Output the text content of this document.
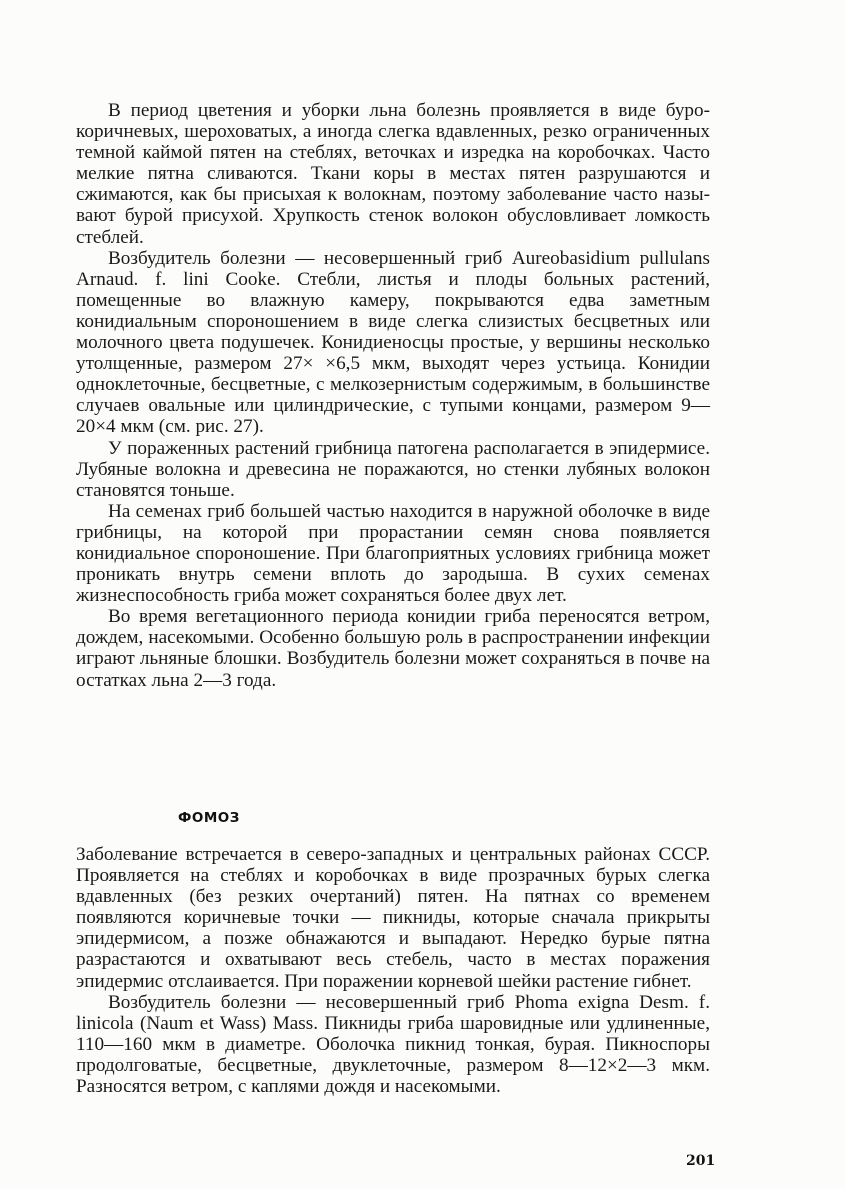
В период цветения и уборки льна болезнь проявляется в виде буро-коричневых, шероховатых, а иногда слегка вдавленных, резко ограниченных темной каймой пятен на стеблях, веточках и изредка на коробочках. Часто мелкие пятна сливаются. Ткани коры в местах пятен разрушаются и сжимаются, как бы присыхая к волокнам, поэтому заболевание часто называют бурой присухой. Хрупкость стенок волокон обусловливает ломкость стеблей.

Возбудитель болезни — несовершенный гриб Aureobasidium pullulans Arnaud. f. lini Cooke. Стебли, листья и плоды больных растений, помещенные во влажную камеру, покрываются едва заметным конидиальным спороношением в виде слегка слизистых бесцветных или молочного цвета подушечек. Конидиеносцы простые, у вершины несколько утолщенные, размером 27× ×6,5 мкм, выходят через устьица. Конидии одноклеточные, бесцветные, с мелкозернистым содержимым, в большинстве случаев овальные или цилиндрические, с тупыми концами, размером 9—20×4 мкм (см. рис. 27).

У пораженных растений грибница патогена располагается в эпидермисе. Лубяные волокна и древесина не поражаются, но стенки лубяных волокон становятся тоньше.

На семенах гриб большей частью находится в наружной оболочке в виде грибницы, на которой при прорастании семян снова появляется конидиальное спороношение. При благоприятных условиях грибница может проникать внутрь семени вплоть до зародыша. В сухих семенах жизнеспособность гриба может сохраняться более двух лет.

Во время вегетационного периода конидии гриба переносятся ветром, дождем, насекомыми. Особенно большую роль в распространении инфекции играют льняные блошки. Возбудитель болезни может сохраняться в почве на остатках льна 2—3 года.

ФОМОЗ

Заболевание встречается в северо-западных и центральных районах СССР. Проявляется на стеблях и коробочках в виде прозрачных бурых слегка вдавленных (без резких очертаний) пятен. На пятнах со временем появляются коричневые точки — пикниды, которые сначала прикрыты эпидермисом, а позже обнажаются и выпадают. Нередко бурые пятна разрастаются и охватывают весь стебель, часто в местах поражения эпидермис отслаивается. При поражении корневой шейки растение гибнет.

Возбудитель болезни — несовершенный гриб Phoma exigna Desm. f. linicola (Naum et Wass) Mass. Пикниды гриба шаровидные или удлиненные, 110—160 мкм в диаметре. Оболочка пикнид тонкая, бурая. Пикноспоры продолговатые, бесцветные, двуклеточные, размером 8—12×2—3 мкм. Разносятся ветром, с каплями дождя и насекомыми.

201
